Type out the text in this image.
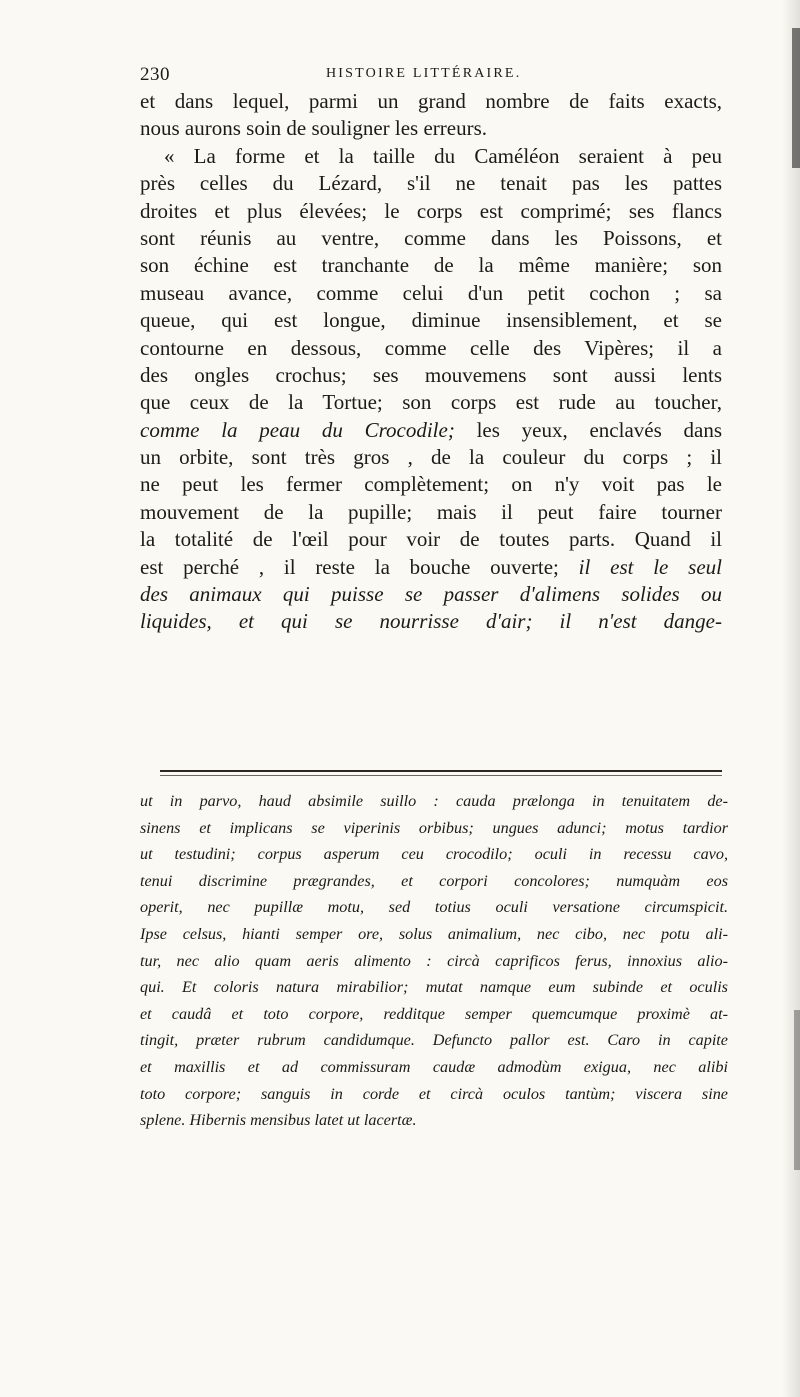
230	HISTOIRE LITTÉRAIRE.
et dans lequel, parmi un grand nombre de faits exacts,
nous aurons soin de souligner les erreurs.
« La forme et la taille du Caméléon seraient à peu
près celles du Lézard, s'il ne tenait pas les pattes
droites et plus élevées; le corps est comprimé; ses flancs
sont réunis au ventre, comme dans les Poissons, et
son échine est tranchante de la même manière; son
museau avance, comme celui d'un petit cochon ; sa
queue, qui est longue, diminue insensiblement, et se
contourne en dessous, comme celle des Vipères; il a
des ongles crochus; ses mouvemens sont aussi lents
que ceux de la Tortue; son corps est rude au toucher,
comme la peau du Crocodile; les yeux, enclavés dans
un orbite, sont très gros , de la couleur du corps ; il
ne peut les fermer complètement; on n'y voit pas le
mouvement de la pupille; mais il peut faire tourner
la totalité de l'œil pour voir de toutes parts. Quand il
est perché , il reste la bouche ouverte; il est le seul
des animaux qui puisse se passer d'alimens solides ou
liquides, et qui se nourrisse d'air; il n'est dange-
ut in parvo, haud absimile suillo : cauda prælonga in tenuitatem de-
sinens et implicans se viperinis orbibus; ungues adunci; motus tardior
ut testudini; corpus asperum ceu crocodilo; oculi in recessu cavo,
tenui discrimine prægrandes, et corpori concolores; numquàm eos
operit, nec pupillæ motu, sed totius oculi versatione circumspicit.
Ipse celsus, hianti semper ore, solus animalium, nec cibo, nec potu ali-
tur, nec alio quam aeris alimento : circà caprificos ferus, innoxius alio-
qui. Et coloris natura mirabilior; mutat namque eum subinde et oculis
et caudâ et toto corpore, redditque semper quemcumque proximè at-
tingit, præter rubrum candidumque. Defuncto pallor est. Caro in capite
et maxillis et ad commissuram caudæ admodùm exigua, nec alibi
toto corpore; sanguis in corde et circà oculos tantùm; viscera sine
splene. Hibernis mensibus latet ut lacertæ.
